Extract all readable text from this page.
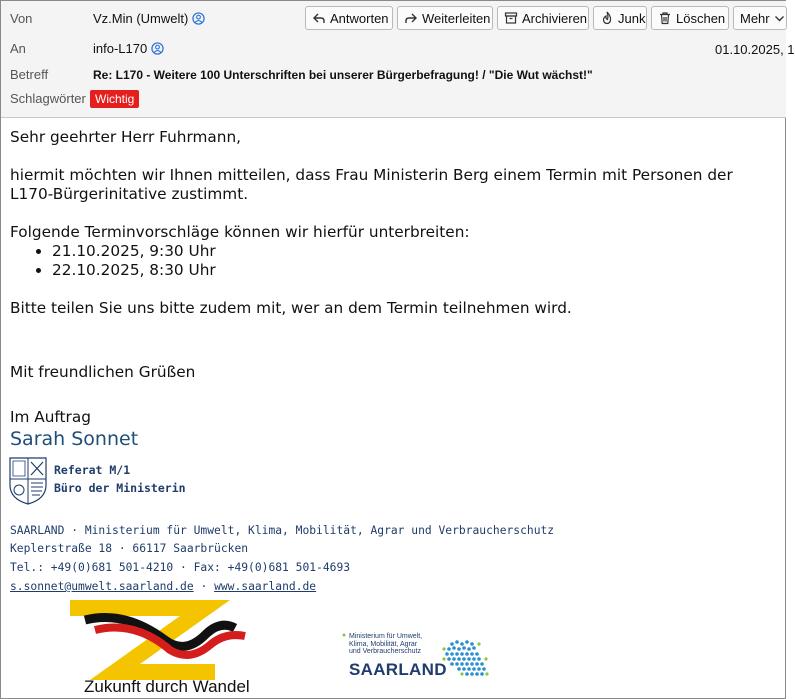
Von	Vz.Min (Umwelt)	Antworten	Weiterleiten Archivieren Junk Löschen Mehr
An	info-L170	01.10.2025, 1
Betreff	Re: L170 - Weitere 100 Unterschriften bei unserer Bürgerbefragung! / "Die Wut wächst!"
Schlagwörter Wichtig

Sehr geehrter Herr Fuhrmann,

hiermit möchten wir Ihnen mitteilen, dass Frau Ministerin Berg einem Termin mit Personen der L170-Bürgerinitative zustimmt.

Folgende Terminvorschläge können wir hierfür unterbreiten:

• 21.10.2025, 9:30 Uhr
• 22.10.2025, 8:30 Uhr

Bitte teilen Sie uns bitte zudem mit, wer an dem Termin teilnehmen wird.

Mit freundlichen Grüßen

Im Auftrag
Sarah Sonnet
Referat M/1
Büro der Ministerin
SAARLAND · Ministerium für Umwelt, Klima, Mobilität, Agrar und Verbraucherschutz
Keplerstraße 18 · 66117 Saarbrücken
Tel.: +49(0)681 501-4210 · Fax: +49(0)681 501-4693
s.sonnet@umwelt.saarland.de · www.saarland.de
Zukunft durch Wandel
Ministerium für Umwelt,
Klima, Mobilität, Agrar
und Verbraucherschutz
SAARLAND
